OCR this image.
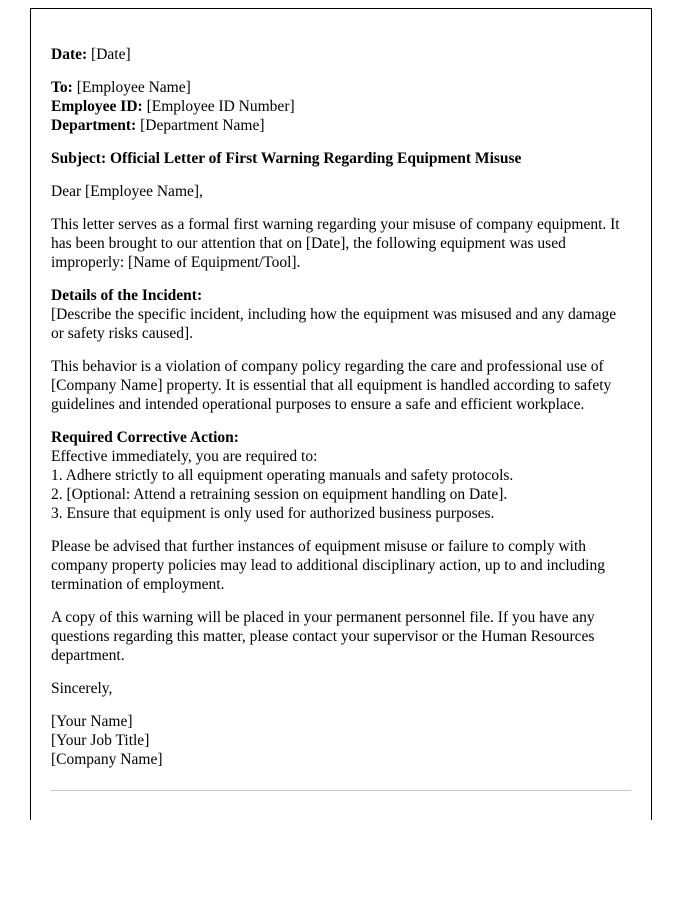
Date: [Date]

To: [Employee Name]
Employee ID: [Employee ID Number]
Department: [Department Name]

Subject: Official Letter of First Warning Regarding Equipment Misuse

Dear [Employee Name],

This letter serves as a formal first warning regarding your misuse of company equipment. It has been brought to our attention that on [Date], the following equipment was used improperly: [Name of Equipment/Tool].

Details of the Incident:
[Describe the specific incident, including how the equipment was misused and any damage or safety risks caused].

This behavior is a violation of company policy regarding the care and professional use of [Company Name] property. It is essential that all equipment is handled according to safety guidelines and intended operational purposes to ensure a safe and efficient workplace.

Required Corrective Action:
Effective immediately, you are required to:
1. Adhere strictly to all equipment operating manuals and safety protocols.
2. [Optional: Attend a retraining session on equipment handling on Date].
3. Ensure that equipment is only used for authorized business purposes.

Please be advised that further instances of equipment misuse or failure to comply with company property policies may lead to additional disciplinary action, up to and including termination of employment.

A copy of this warning will be placed in your permanent personnel file. If you have any questions regarding this matter, please contact your supervisor or the Human Resources department.

Sincerely,

[Your Name]
[Your Job Title]
[Company Name]
